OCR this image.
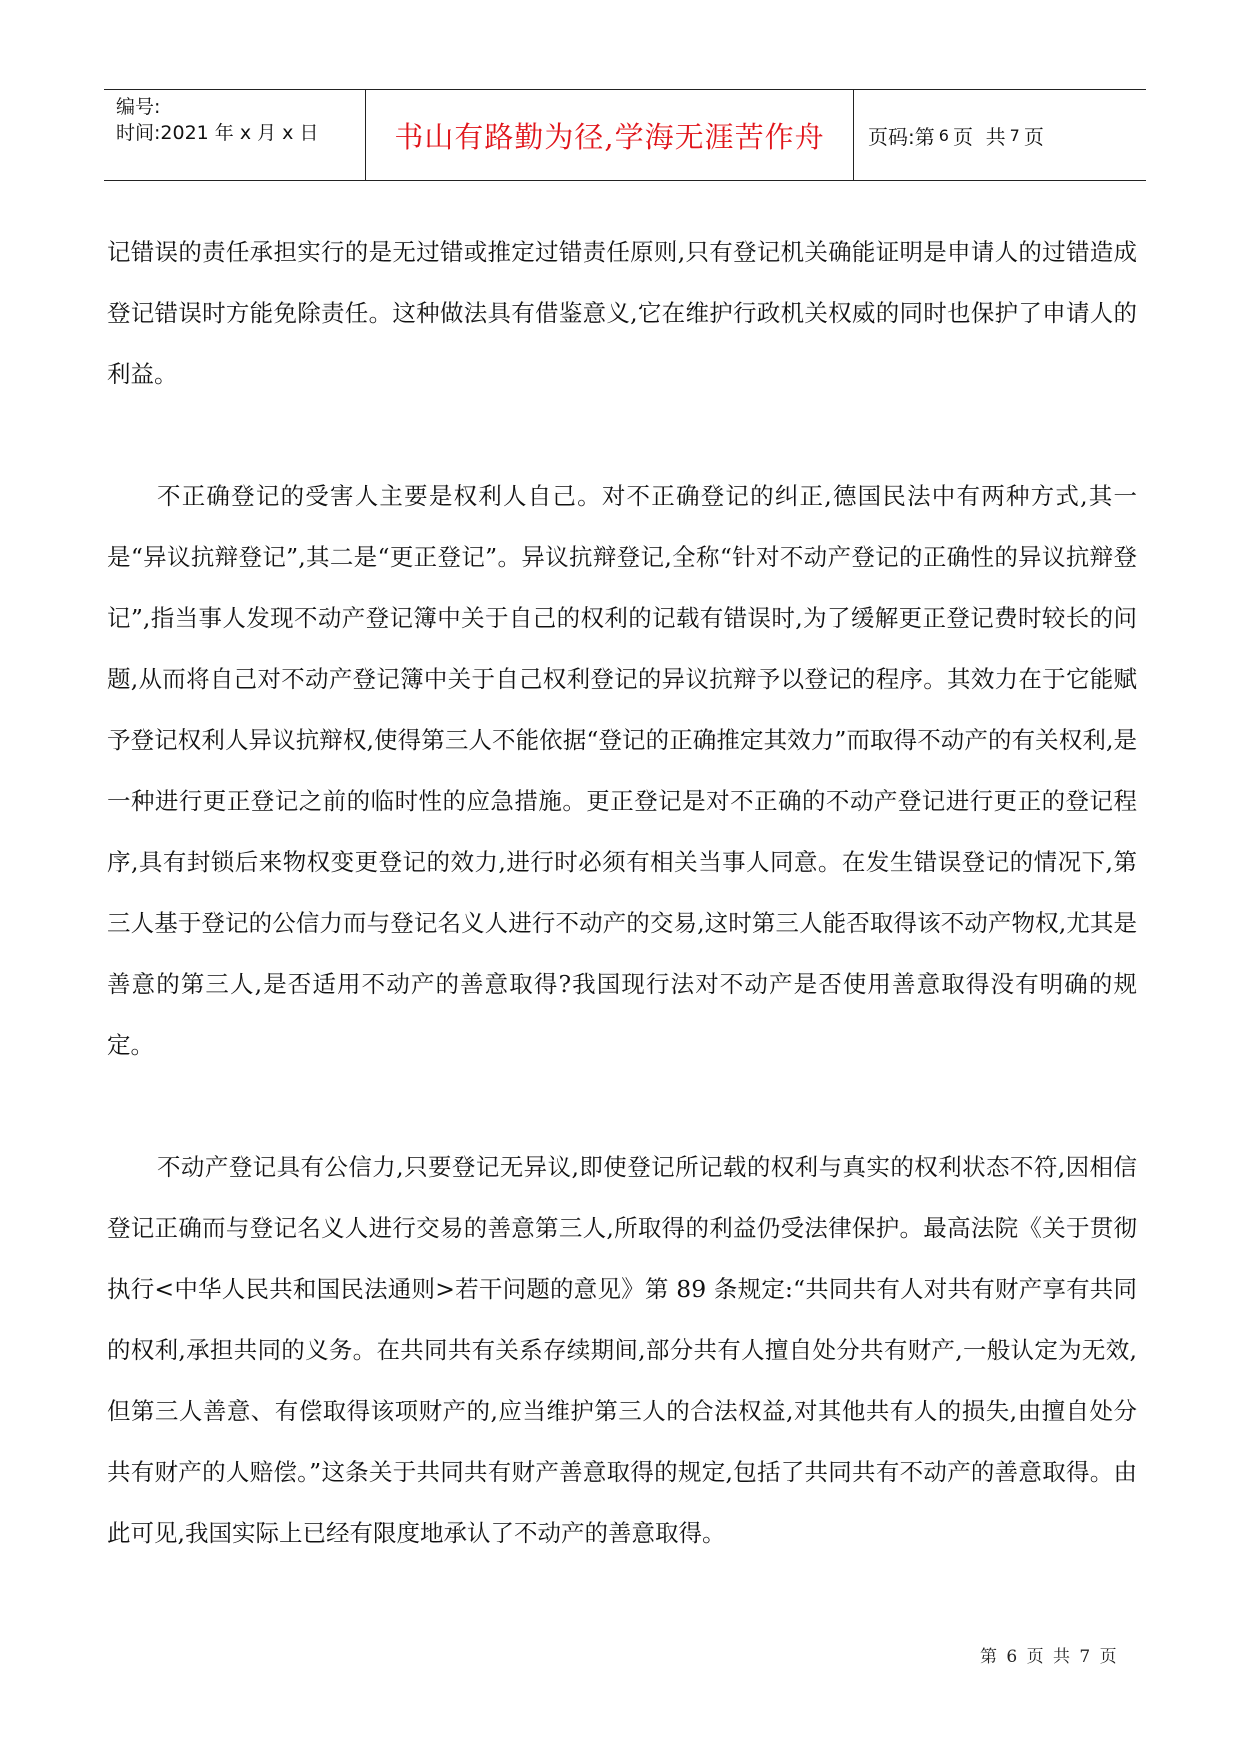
编号:
时间:2021 年 x 月 x 日	书山有路勤为径,学海无涯苦作舟	页码:第 6 页  共 7 页

记错误的责任承担实行的是无过错或推定过错责任原则,只有登记机关确能证明是申请人的过错造成登记错误时方能免除责任。这种做法具有借鉴意义,它在维护行政机关权威的同时也保护了申请人的利益。

不正确登记的受害人主要是权利人自己。对不正确登记的纠正,德国民法中有两种方式,其一是“异议抗辩登记”,其二是“更正登记”。异议抗辩登记,全称“针对不动产登记的正确性的异议抗辩登记”,指当事人发现不动产登记簿中关于自己的权利的记载有错误时,为了缓解更正登记费时较长的问题,从而将自己对不动产登记簿中关于自己权利登记的异议抗辩予以登记的程序。其效力在于它能赋予登记权利人异议抗辩权,使得第三人不能依据“登记的正确推定其效力”而取得不动产的有关权利,是一种进行更正登记之前的临时性的应急措施。更正登记是对不正确的不动产登记进行更正的登记程序,具有封锁后来物权变更登记的效力,进行时必须有相关当事人同意。在发生错误登记的情况下,第三人基于登记的公信力而与登记名义人进行不动产的交易,这时第三人能否取得该不动产物权,尤其是善意的第三人,是否适用不动产的善意取得?我国现行法对不动产是否使用善意取得没有明确的规定。

不动产登记具有公信力,只要登记无异议,即使登记所记载的权利与真实的权利状态不符,因相信登记正确而与登记名义人进行交易的善意第三人,所取得的利益仍受法律保护。最高法院《关于贯彻执行<中华人民共和国民法通则>若干问题的意见》第 89 条规定:“共同共有人对共有财产享有共同的权利,承担共同的义务。在共同共有关系存续期间,部分共有人擅自处分共有财产,一般认定为无效,但第三人善意、有偿取得该项财产的,应当维护第三人的合法权益,对其他共有人的损失,由擅自处分共有财产的人赔偿。”这条关于共同共有财产善意取得的规定,包括了共同共有不动产的善意取得。由此可见,我国实际上已经有限度地承认了不动产的善意取得。

第 6 页 共 7 页
